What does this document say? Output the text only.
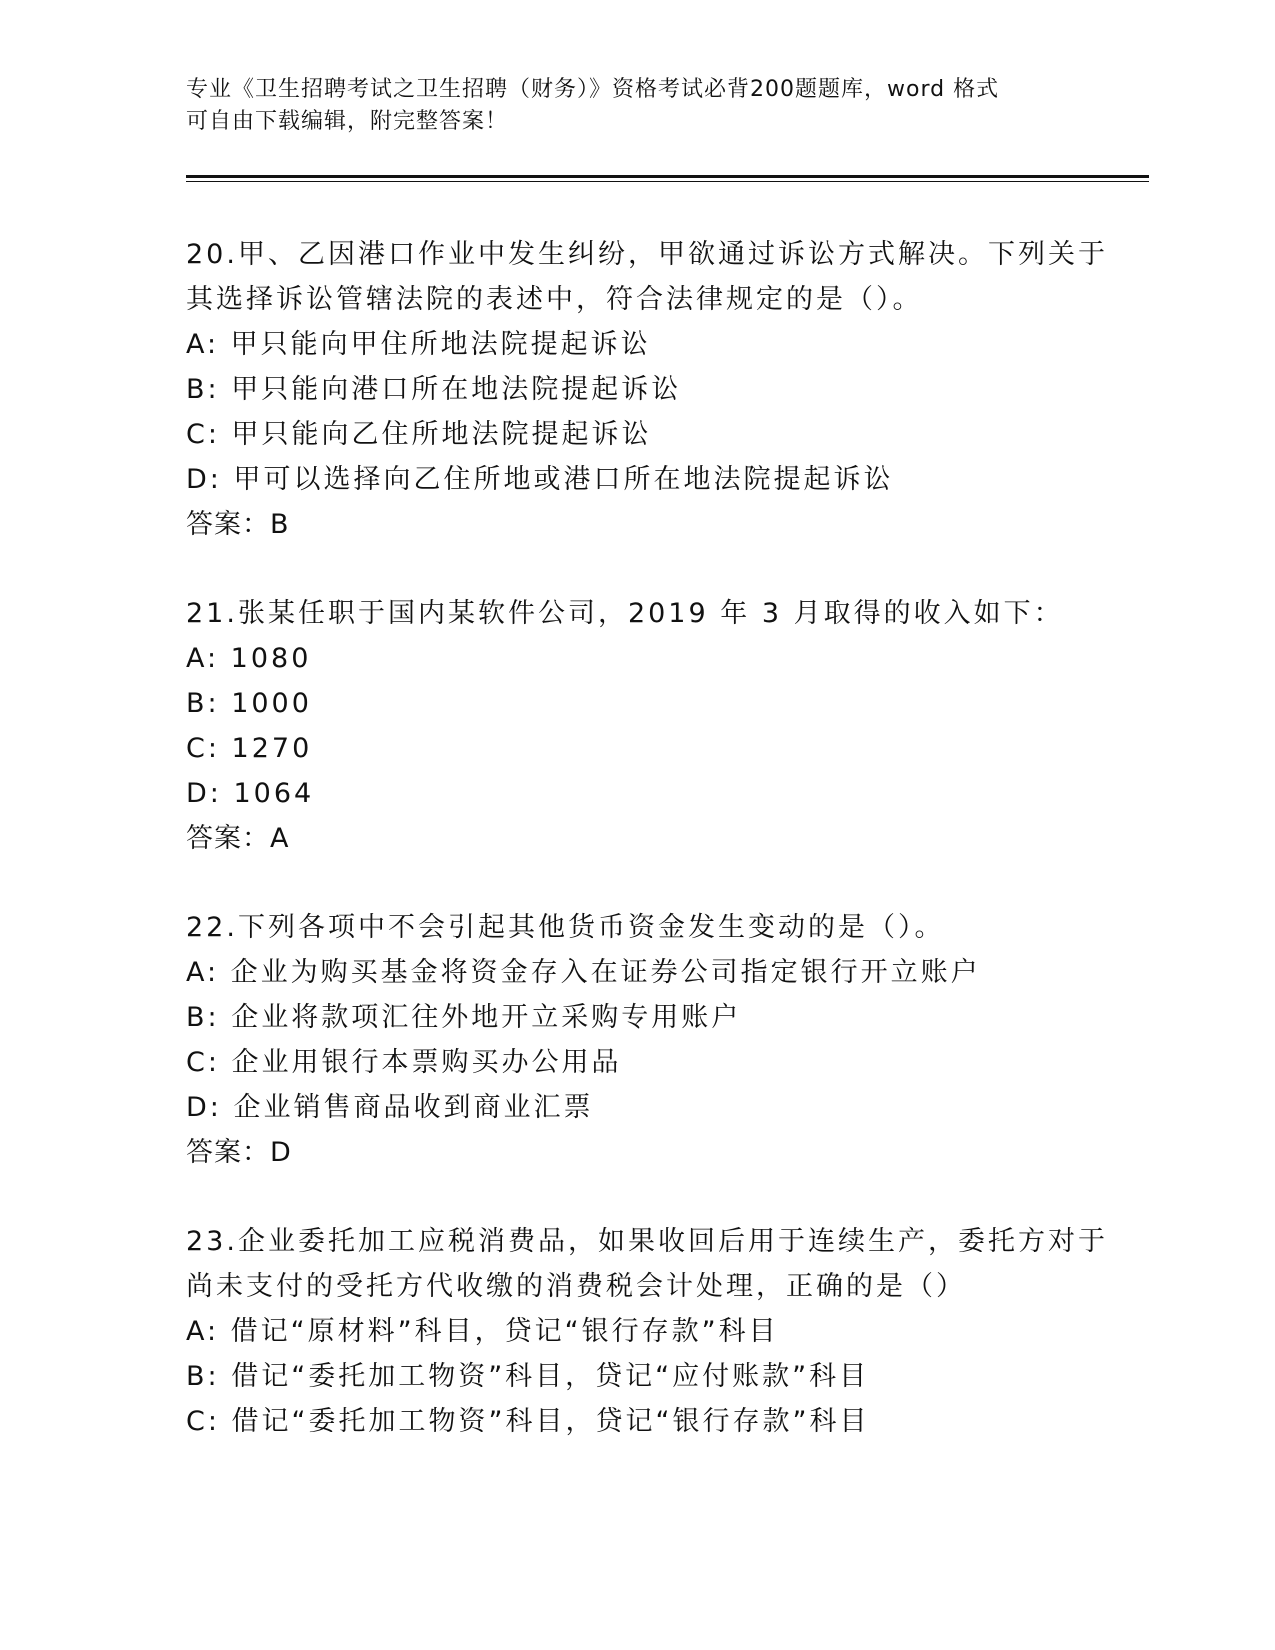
专业《卫生招聘考试之卫生招聘（财务）》资格考试必背200题题库，word 格式
可自由下载编辑，附完整答案！

20.甲、乙因港口作业中发生纠纷，甲欲通过诉讼方式解决。下列关于

其选择诉讼管辖法院的表述中，符合法律规定的是（）。

A: 甲只能向甲住所地法院提起诉讼

B: 甲只能向港口所在地法院提起诉讼

C: 甲只能向乙住所地法院提起诉讼

D: 甲可以选择向乙住所地或港口所在地法院提起诉讼

答案：B

21.张某任职于国内某软件公司，2019 年 3 月取得的收入如下：

A: 1080

B: 1000

C: 1270

D: 1064

答案：A

22.下列各项中不会引起其他货币资金发生变动的是（）。

A: 企业为购买基金将资金存入在证券公司指定银行开立账户

B: 企业将款项汇往外地开立采购专用账户

C: 企业用银行本票购买办公用品

D: 企业销售商品收到商业汇票

答案：D

23.企业委托加工应税消费品，如果收回后用于连续生产，委托方对于

尚未支付的受托方代收缴的消费税会计处理，正确的是（）

A: 借记“原材料”科目，贷记“银行存款”科目

B: 借记“委托加工物资”科目，贷记“应付账款”科目

C: 借记“委托加工物资”科目，贷记“银行存款”科目
